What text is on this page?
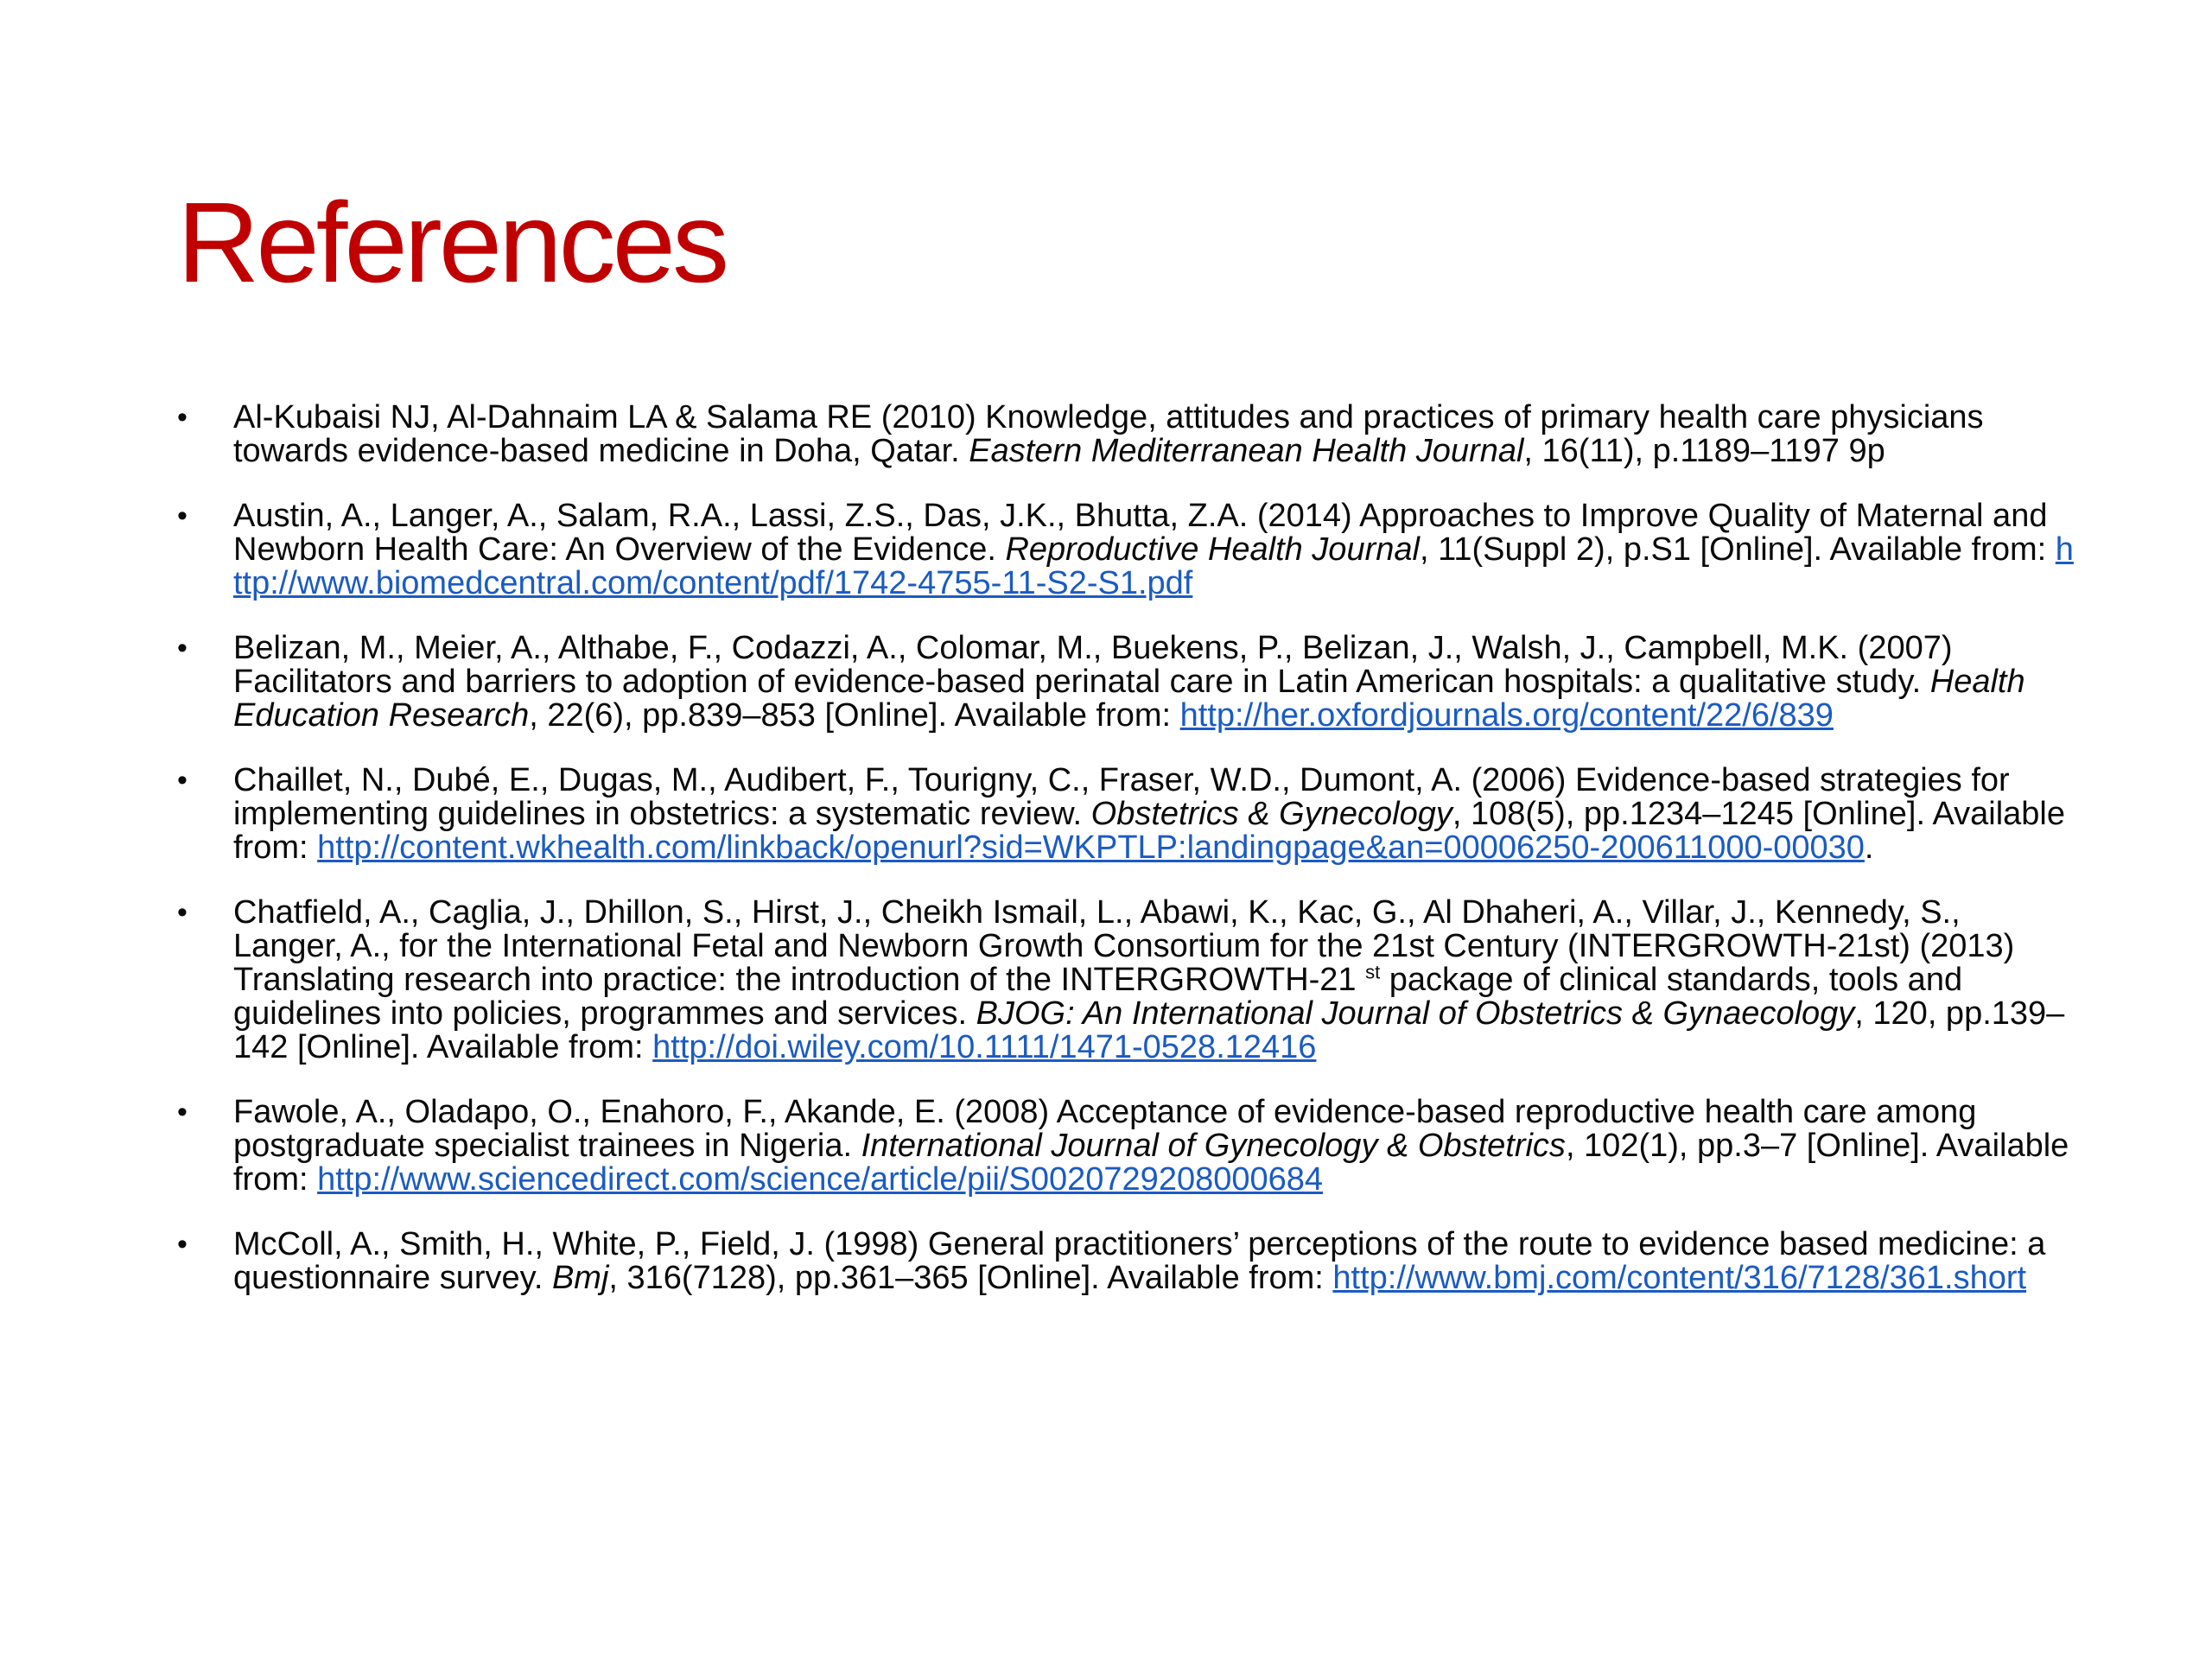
References
• Al-Kubaisi NJ, Al-Dahnaim LA & Salama RE (2010) Knowledge, attitudes and practices of primary health care physicians towards evidence-based medicine in Doha, Qatar. Eastern Mediterranean Health Journal, 16(11), p.1189–1197 9p
• Austin, A., Langer, A., Salam, R.A., Lassi, Z.S., Das, J.K., Bhutta, Z.A. (2014) Approaches to Improve Quality of Maternal and Newborn Health Care: An Overview of the Evidence. Reproductive Health Journal, 11(Suppl 2), p.S1 [Online]. Available from: http://www.biomedcentral.com/content/pdf/1742-4755-11-S2-S1.pdf
• Belizan, M., Meier, A., Althabe, F., Codazzi, A., Colomar, M., Buekens, P., Belizan, J., Walsh, J., Campbell, M.K. (2007) Facilitators and barriers to adoption of evidence-based perinatal care in Latin American hospitals: a qualitative study. Health Education Research, 22(6), pp.839–853 [Online]. Available from: http://her.oxfordjournals.org/content/22/6/839
• Chaillet, N., Dubé, E., Dugas, M., Audibert, F., Tourigny, C., Fraser, W.D., Dumont, A. (2006) Evidence-based strategies for implementing guidelines in obstetrics: a systematic review. Obstetrics & Gynecology, 108(5), pp.1234–1245 [Online]. Available from: http://content.wkhealth.com/linkback/openurl?sid=WKPTLP:landingpage&an=00006250-200611000-00030.
• Chatfield, A., Caglia, J., Dhillon, S., Hirst, J., Cheikh Ismail, L., Abawi, K., Kac, G., Al Dhaheri, A., Villar, J., Kennedy, S., Langer, A., for the International Fetal and Newborn Growth Consortium for the 21st Century (INTERGROWTH-21st) (2013) Translating research into practice: the introduction of the INTERGROWTH-21 $^{st}$ package of clinical standards, tools and guidelines into policies, programmes and services. BJOG: An International Journal of Obstetrics & Gynaecology, 120, pp.139–142 [Online]. Available from: http://doi.wiley.com/10.1111/1471-0528.12416
• Fawole, A., Oladapo, O., Enahoro, F., Akande, E. (2008) Acceptance of evidence-based reproductive health care among postgraduate specialist trainees in Nigeria. International Journal of Gynecology & Obstetrics, 102(1), pp.3–7 [Online]. Available from: http://www.sciencedirect.com/science/article/pii/S0020729208000684
• McColl, A., Smith, H., White, P., Field, J. (1998) General practitioners’ perceptions of the route to evidence based medicine: a questionnaire survey. Bmj, 316(7128), pp.361–365 [Online]. Available from: http://www.bmj.com/content/316/7128/361.short
